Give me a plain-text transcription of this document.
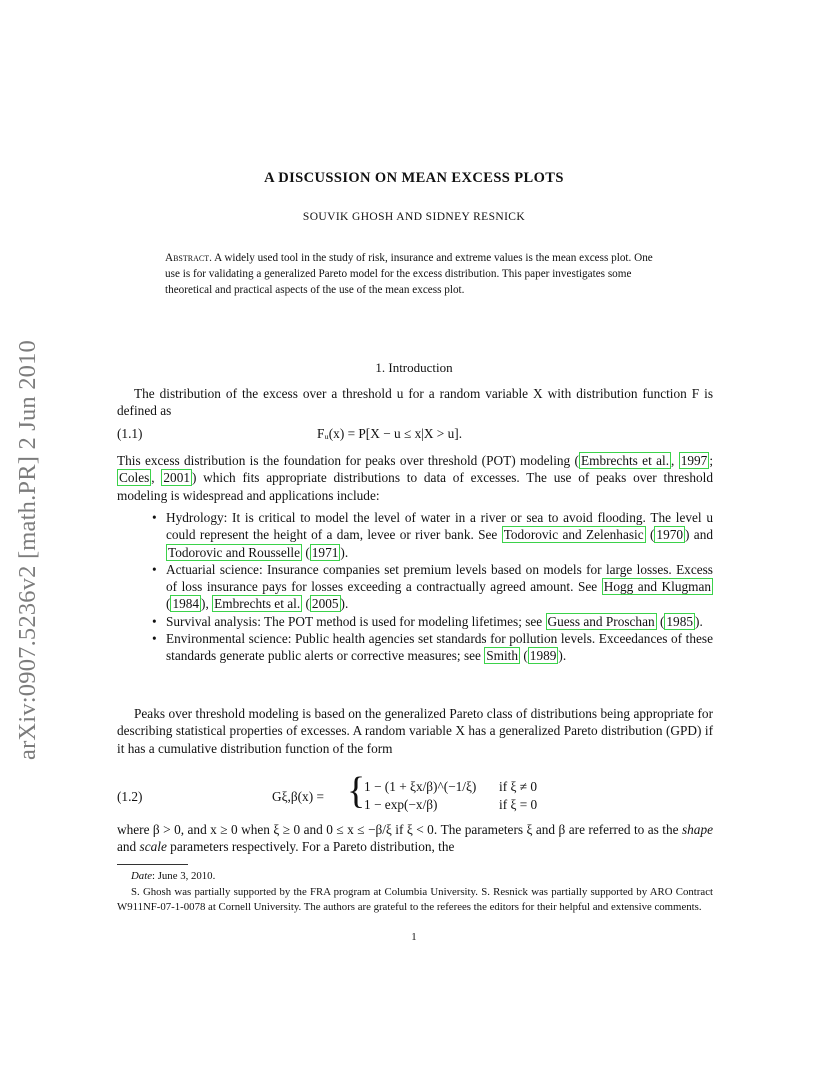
arXiv:0907.5236v2 [math.PR] 2 Jun 2010
A DISCUSSION ON MEAN EXCESS PLOTS
SOUVIK GHOSH AND SIDNEY RESNICK
Abstract. A widely used tool in the study of risk, insurance and extreme values is the mean excess plot. One use is for validating a generalized Pareto model for the excess distribution. This paper investigates some theoretical and practical aspects of the use of the mean excess plot.
1. Introduction

The distribution of the excess over a threshold u for a random variable X with distribution function F is defined as

(1.1)	Fᵤ(x) = P[X − u ≤ x|X > u].

This excess distribution is the foundation for peaks over threshold (POT) modeling ( Embrechts et al. , 1997 ; Coles , 2001 ) which fits appropriate distributions to data of excesses. The use of peaks over threshold modeling is widespread and applications include:

• Hydrology: It is critical to model the level of water in a river or sea to avoid flooding. The level u could represent the height of a dam, levee or river bank. See Todorovic and Zelenhasic ( 1970 ) and Todorovic and Rousselle ( 1971 ).

• Actuarial science: Insurance companies set premium levels based on models for large losses. Excess of loss insurance pays for losses exceeding a contractually agreed amount. See Hogg and Klugman ( 1984 ), Embrechts et al. ( 2005 ).

• Survival analysis: The POT method is used for modeling lifetimes; see Guess and Proschan ( 1985 ).

• Environmental science: Public health agencies set standards for pollution levels. Exceedances of these standards generate public alerts or corrective measures; see Smith ( 1989 ).

Peaks over threshold modeling is based on the generalized Pareto class of distributions being appropriate for describing statistical properties of excesses. A random variable X has a generalized Pareto distribution (GPD) if it has a cumulative distribution function of the form

(1.2)	Gξ,β(x) = {
1 − (1 + ξx/β)^(−1/ξ) if ξ ≠ 0
1 − exp(−x/β)	if ξ = 0

where β > 0, and x ≥ 0 when ξ ≥ 0 and 0 ≤ x ≤ −β/ξ if ξ < 0. The parameters ξ and β are referred to as the shape and scale parameters respectively. For a Pareto distribution, the

Date: June 3, 2010.

S. Ghosh was partially supported by the FRA program at Columbia University. S. Resnick was partially supported by ARO Contract W911NF-07-1-0078 at Cornell University. The authors are grateful to the referees the editors for their helpful and extensive comments.

1
